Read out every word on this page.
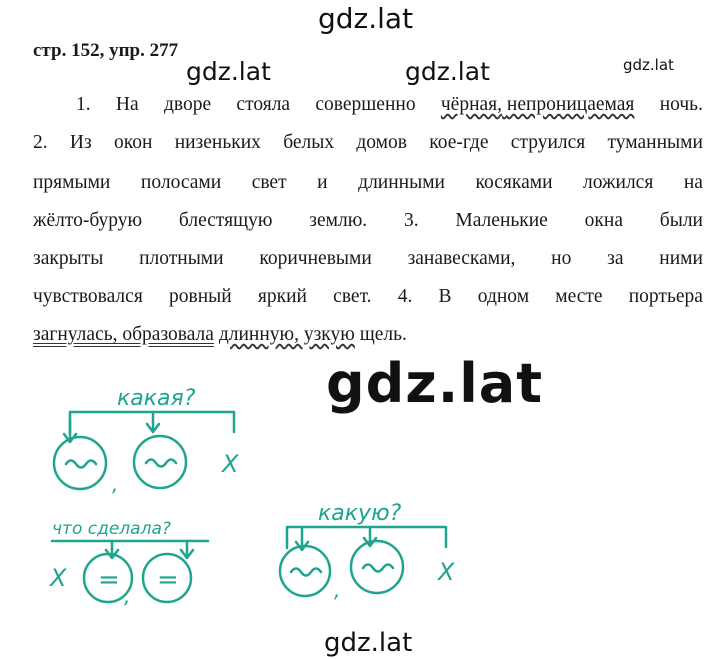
gdz.lat
gdz.lat	gdz.lat	gdz.lat
gdz.lat
gdz.lat
стр. 152, упр. 277
1. На дворе стояла совершенно чёрная, непроницаемая ночь.
2. Из окон низеньких белых домов кое-где струился туманными
прямыми полосами свет и длинными косяками ложился на
жёлто-бурую блестящую землю. 3. Маленькие окна были
закрыты плотными коричневыми занавесками, но за ними
чувствовался ровный яркий свет. 4. В одном месте портьера
загнулась, образовала длинную, узкую щель.
какая?
Х
,
что сделала?
Х = =
,
какую?
Х
,
